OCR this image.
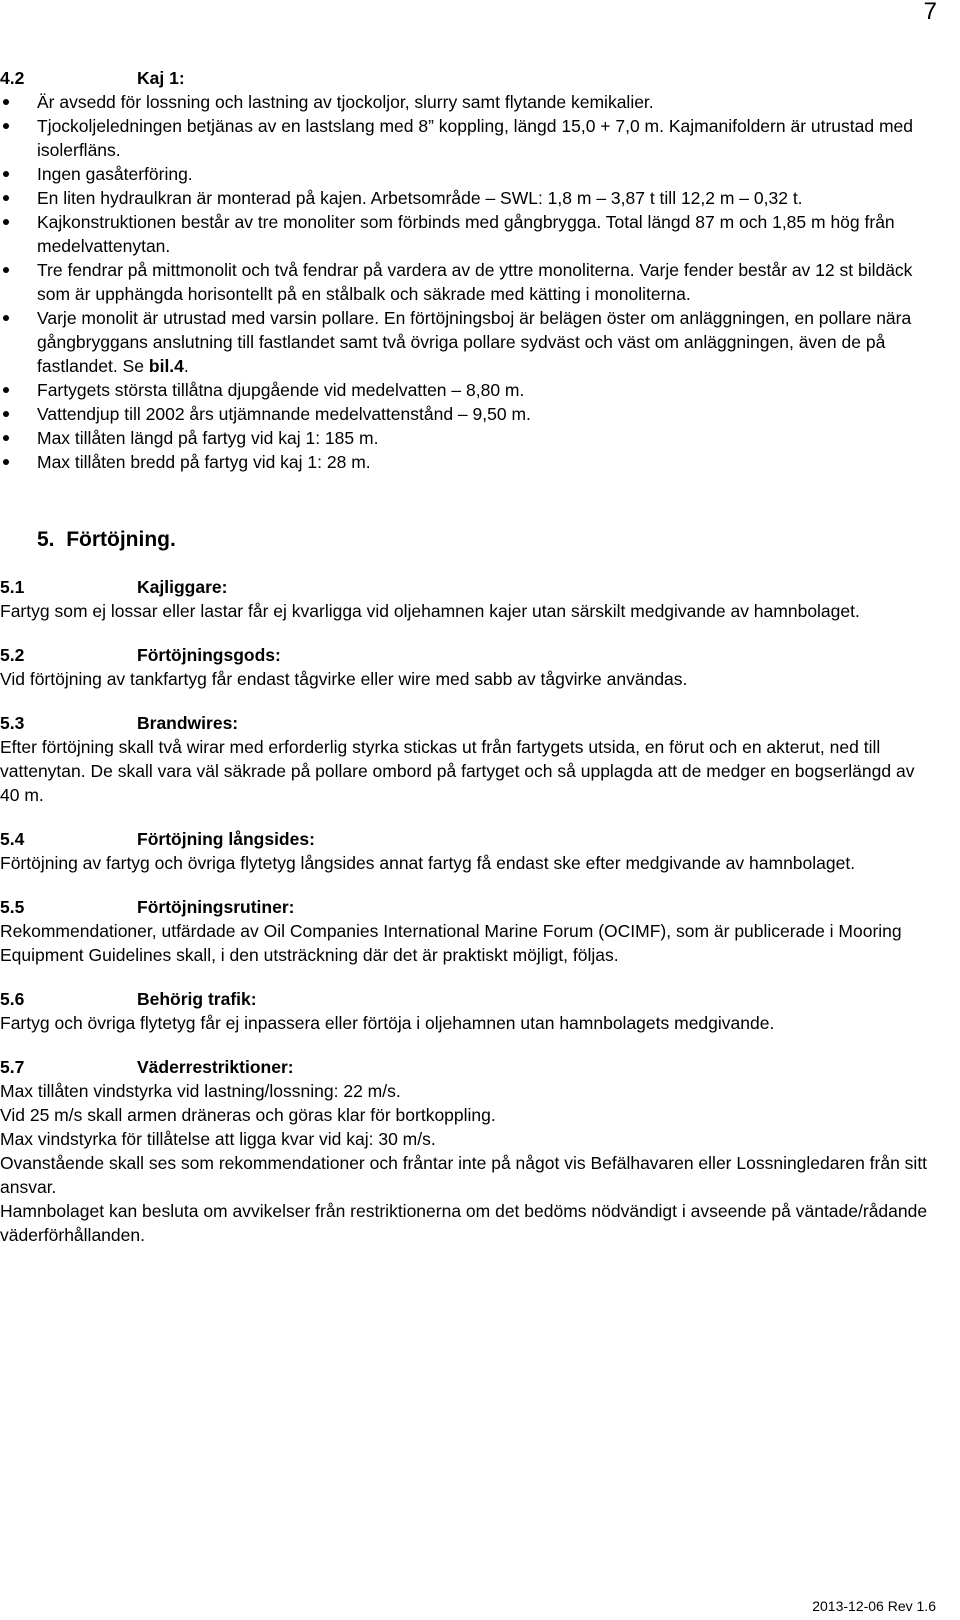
7
4.2	Kaj 1:
Är avsedd för lossning och lastning av tjockoljor, slurry samt flytande kemikalier.
Tjockoljeledningen betjänas av en lastslang med 8” koppling, längd 15,0 + 7,0 m. Kajmanifoldern är utrustad med isolerfläns.
Ingen gasåterföring.
En liten hydraulkran är monterad på kajen. Arbetsområde – SWL: 1,8 m – 3,87 t till 12,2 m – 0,32 t.
Kajkonstruktionen består av tre monoliter som förbinds med gångbrygga. Total längd 87 m och 1,85 m hög från medelvattenytan.
Tre fendrar på mittmonolit och två fendrar på vardera av de yttre monoliterna. Varje fender består av 12 st bildäck som är upphängda horisontellt på en stålbalk och säkrade med kätting i monoliterna.
Varje monolit är utrustad med varsin pollare. En förtöjningsboj är belägen öster om anläggningen, en pollare nära gångbryggans anslutning till fastlandet samt två övriga pollare sydväst och väst om anläggningen, även de på fastlandet. Se bil.4.
Fartygets största tillåtna djupgående vid medelvatten – 8,80 m.
Vattendjup till 2002 års utjämnande medelvattenstånd – 9,50 m.
Max tillåten längd på fartyg vid kaj 1: 185 m.
Max tillåten bredd på fartyg vid kaj 1: 28 m.
5. Förtöjning.
5.1	Kajliggare:

Fartyg som ej lossar eller lastar får ej kvarligga vid oljehamnen kajer utan särskilt medgivande av hamnbolaget.

5.2	Förtöjningsgods:

Vid förtöjning av tankfartyg får endast tågvirke eller wire med sabb av tågvirke användas.

5.3	Brandwires:

Efter förtöjning skall två wirar med erforderlig styrka stickas ut från fartygets utsida, en förut och en akterut, ned till vattenytan. De skall vara väl säkrade på pollare ombord på fartyget och så upplagda att de medger en bogserlängd av 40 m.

5.4	Förtöjning långsides:

Förtöjning av fartyg och övriga flytetyg långsides annat fartyg få endast ske efter medgivande av hamnbolaget.

5.5	Förtöjningsrutiner:

Rekommendationer, utfärdade av Oil Companies International Marine Forum (OCIMF), som är publicerade i Mooring Equipment Guidelines skall, i den utsträckning där det är praktiskt möjligt, följas.

5.6	Behörig trafik:

Fartyg och övriga flytetyg får ej inpassera eller förtöja i oljehamnen utan hamnbolagets medgivande.

5.7	Väderrestriktioner:

Max tillåten vindstyrka vid lastning/lossning: 22 m/s.

Vid 25 m/s skall armen dräneras och göras klar för bortkoppling.

Max vindstyrka för tillåtelse att ligga kvar vid kaj: 30 m/s.

Ovanstående skall ses som rekommendationer och fråntar inte på något vis Befälhavaren eller Lossningledaren från sitt ansvar.

Hamnbolaget kan besluta om avvikelser från restriktionerna om det bedöms nödvändigt i avseende på väntade/rådande väderförhållanden.

2013-12-06 Rev 1.6
